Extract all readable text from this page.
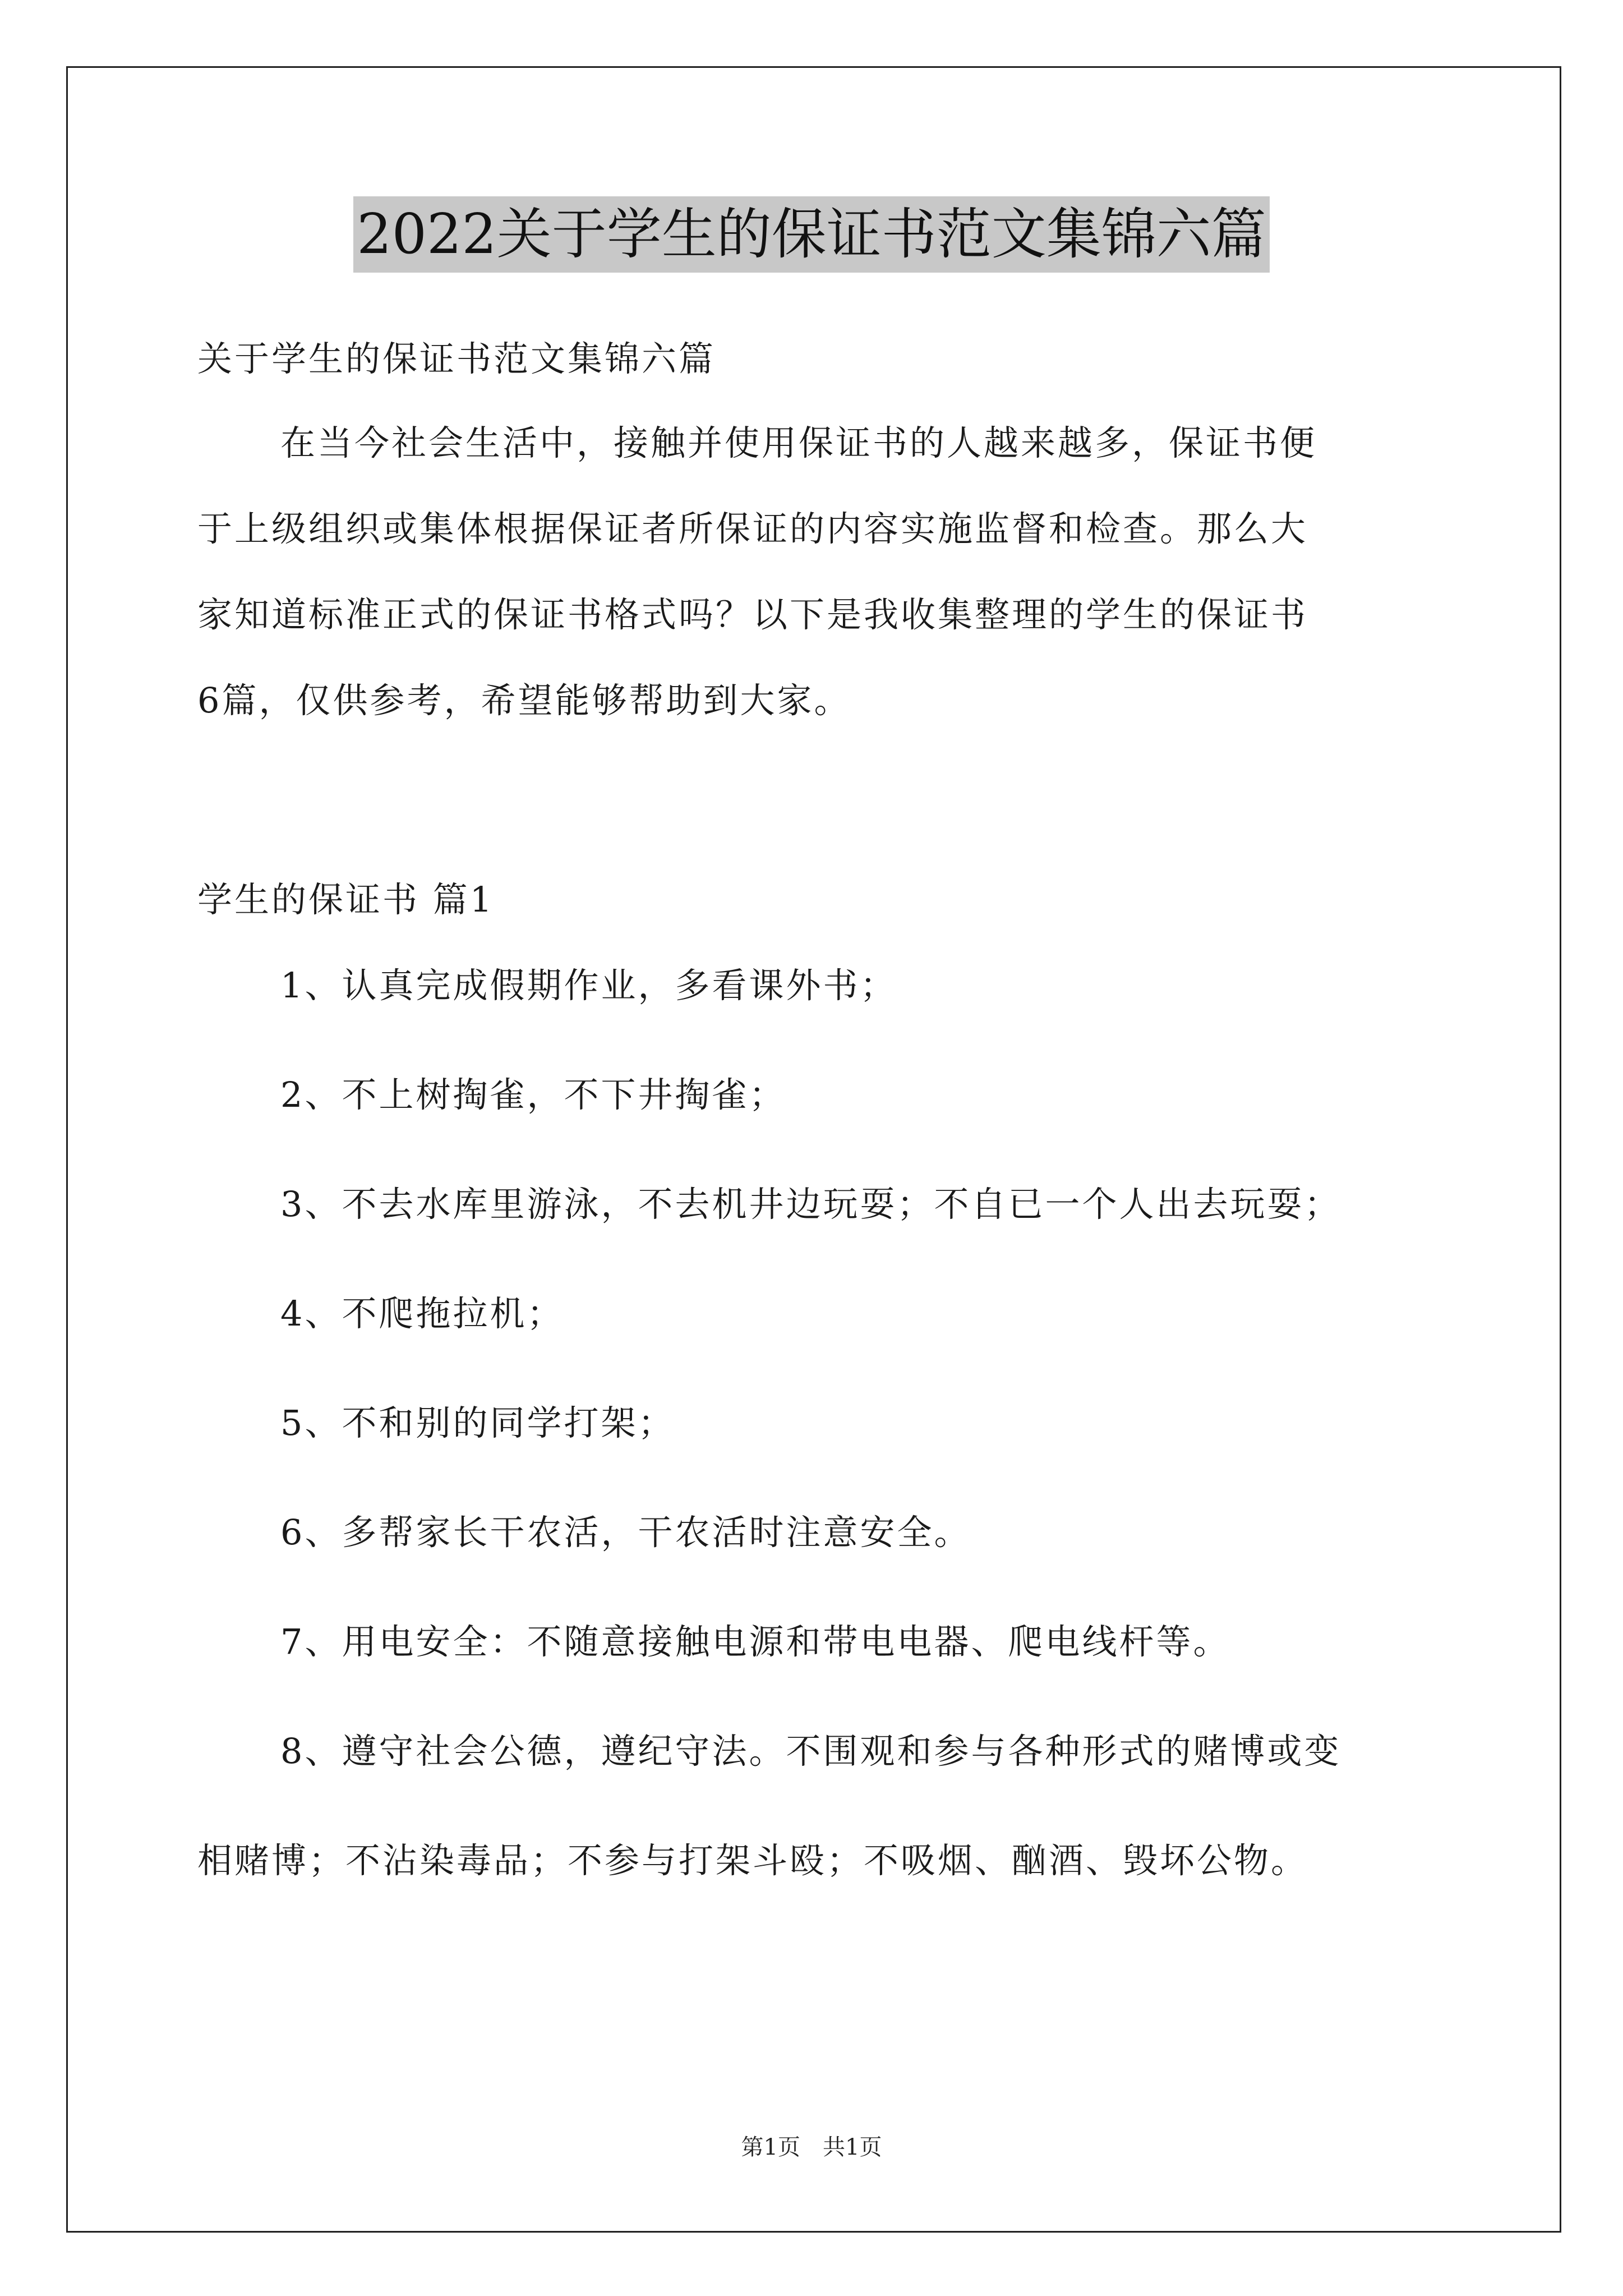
2022关于学生的保证书范文集锦六篇

关于学生的保证书范文集锦六篇

在当今社会生活中，接触并使用保证书的人越来越多，保证书便

于上级组织或集体根据保证者所保证的内容实施监督和检查。那么大

家知道标准正式的保证书格式吗？以下是我收集整理的学生的保证书

6篇，仅供参考，希望能够帮助到大家。

学生的保证书 篇1

1、认真完成假期作业，多看课外书；

2、不上树掏雀，不下井掏雀；

3、不去水库里游泳，不去机井边玩耍；不自已一个人出去玩耍；

4、不爬拖拉机；

5、不和别的同学打架；

6、多帮家长干农活，干农活时注意安全。

7、用电安全：不随意接触电源和带电电器、爬电线杆等。

8、遵守社会公德，遵纪守法。不围观和参与各种形式的赌博或变

相赌博；不沾染毒品；不参与打架斗殴；不吸烟、酗酒、毁坏公物。

第1页　共1页
